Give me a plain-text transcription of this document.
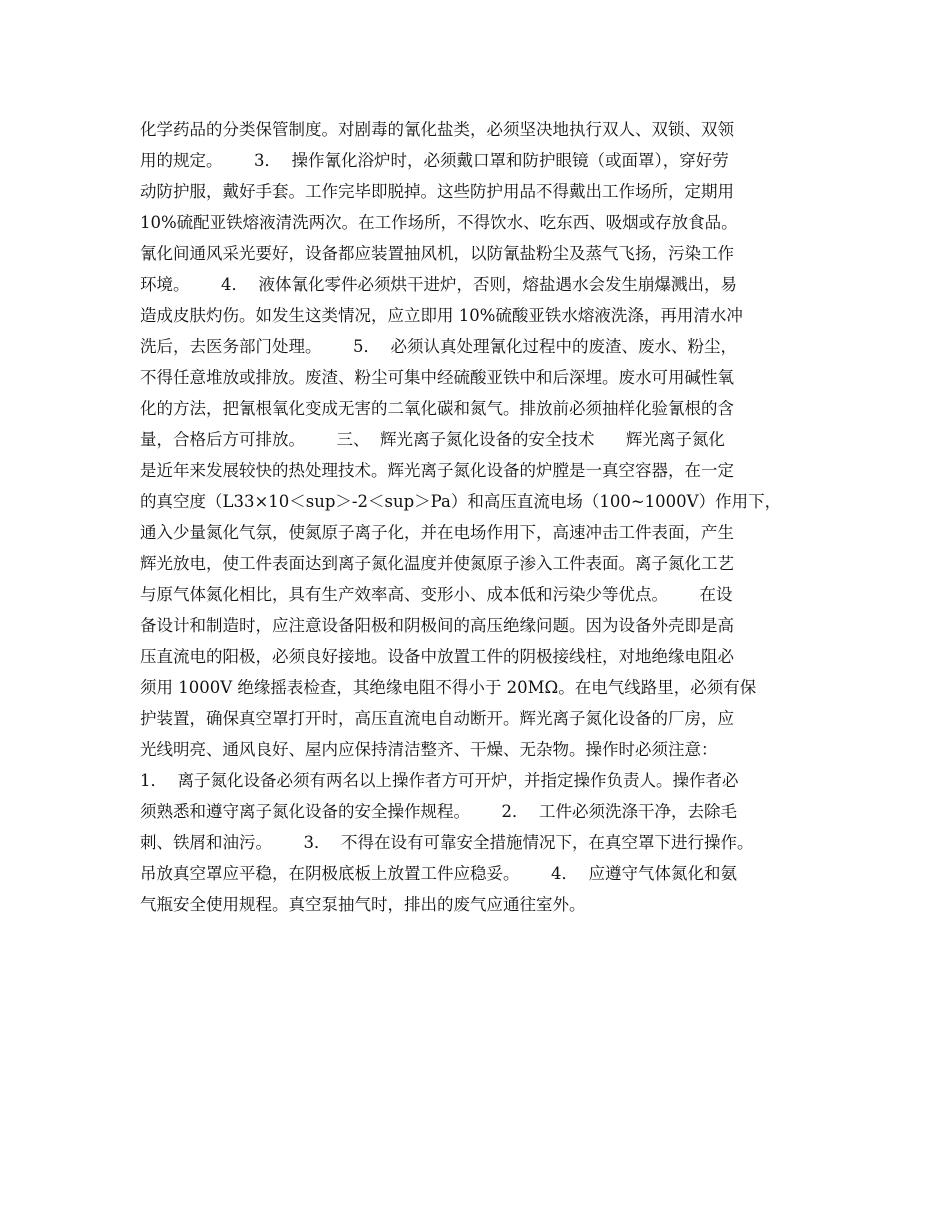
化学药品的分类保管制度。对剧毒的氰化盐类，必须坚决地执行双人、双锁、双领
用的规定。      3．  操作氰化浴炉时，必须戴口罩和防护眼镜（或面罩），穿好劳
动防护服，戴好手套。工作完毕即脱掉。这些防护用品不得戴出工作场所，定期用
10%硫配亚铁熔液清洗两次。在工作场所，不得饮水、吃东西、吸烟或存放食品。
氰化间通风采光要好，设备都应装置抽风机，以防氰盐粉尘及蒸气飞扬，污染工作
环境。      4．  液体氰化零件必须烘干进炉，否则，熔盐遇水会发生崩爆溅出，易
造成皮肤灼伤。如发生这类情况，应立即用 10%硫酸亚铁水熔液洗涤，再用清水冲
洗后，去医务部门处理。      5．  必须认真处理氰化过程中的废渣、废水、粉尘，
不得任意堆放或排放。废渣、粉尘可集中经硫酸亚铁中和后深埋。废水可用碱性氧
化的方法，把氰根氧化变成无害的二氧化碳和氮气。排放前必须抽样化验氰根的含
量，合格后方可排放。      三、  辉光离子氮化设备的安全技术      辉光离子氮化
是近年来发展较快的热处理技术。辉光离子氮化设备的炉膛是一真空容器，在一定
的真空度（L33×10＜sup＞-2＜sup＞Pa）和高压直流电场（100~1000V）作用下，
通入少量氮化气氛，使氮原子离子化，并在电场作用下，高速冲击工件表面，产生
辉光放电，使工件表面达到离子氮化温度并使氮原子渗入工件表面。离子氮化工艺
与原气体氮化相比，具有生产效率高、变形小、成本低和污染少等优点。      在设
备设计和制造时，应注意设备阳极和阴极间的高压绝缘问题。因为设备外壳即是高
压直流电的阳极，必须良好接地。设备中放置工件的阴极接线柱，对地绝缘电阻必
须用 1000V 绝缘摇表检查，其绝缘电阻不得小于 20MΩ。在电气线路里，必须有保
护装置，确保真空罩打开时，高压直流电自动断开。辉光离子氮化设备的厂房，应
光线明亮、通风良好、屋内应保持清洁整齐、干燥、无杂物。操作时必须注意：
1．  离子氮化设备必须有两名以上操作者方可开炉，并指定操作负责人。操作者必
须熟悉和遵守离子氮化设备的安全操作规程。      2．  工件必须洗涤干净，去除毛
刺、铁屑和油污。      3．  不得在设有可靠安全措施情况下，在真空罩下进行操作。
吊放真空罩应平稳，在阴极底板上放置工件应稳妥。      4．  应遵守气体氮化和氨
气瓶安全使用规程。真空泵抽气时，排出的废气应通往室外。
